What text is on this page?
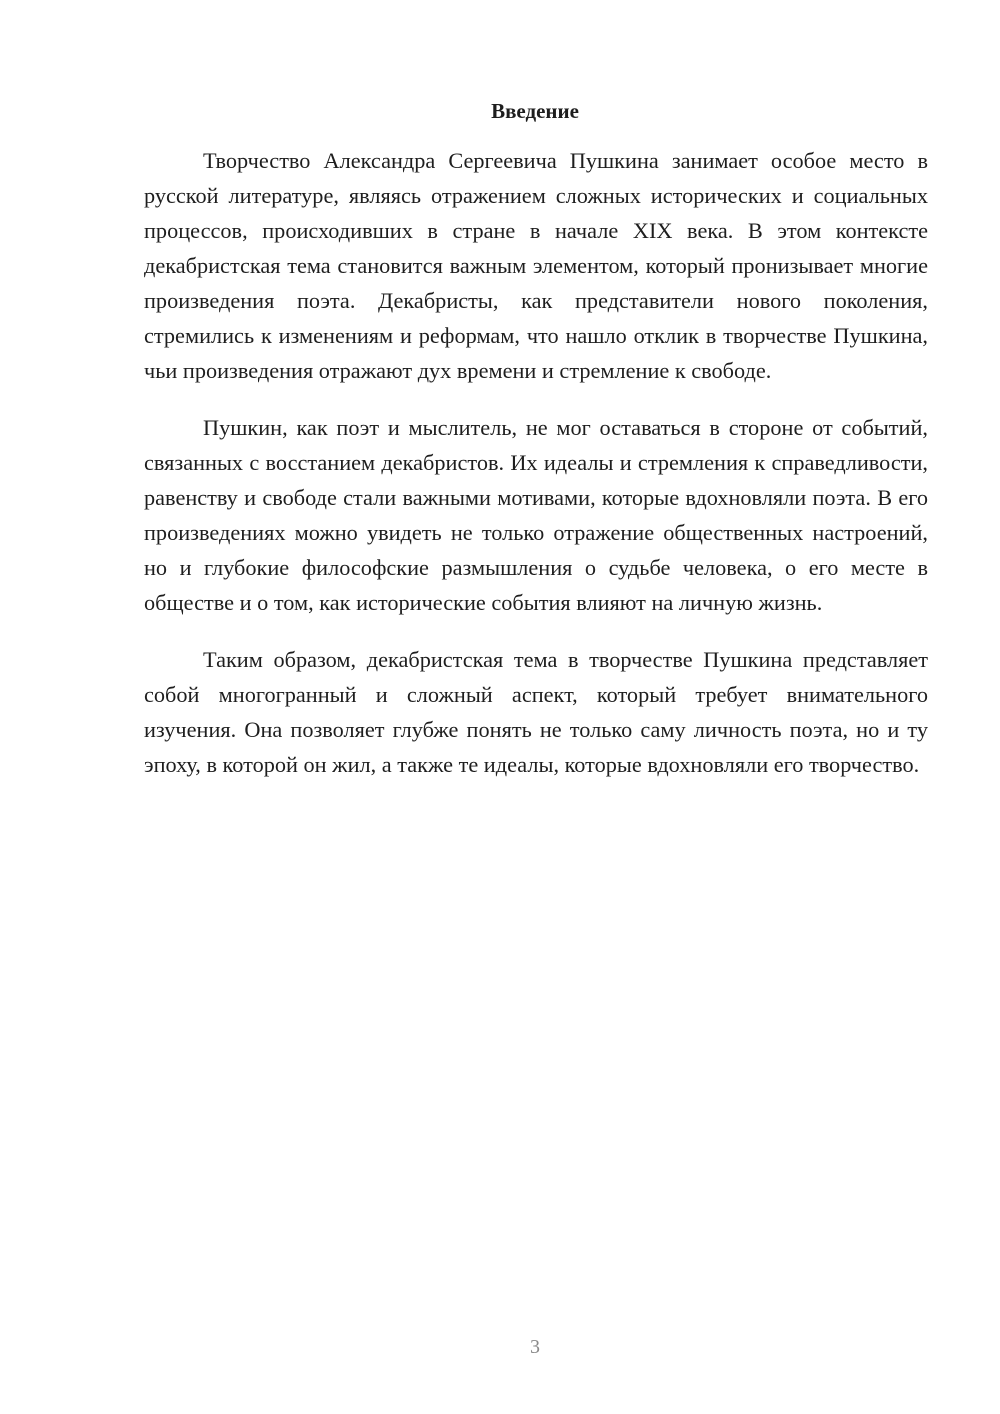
Введение

Творчество Александра Сергеевича Пушкина занимает особое место в русской литературе, являясь отражением сложных исторических и социальных процессов, происходивших в стране в начале XIX века. В этом контексте декабристская тема становится важным элементом, который пронизывает многие произведения поэта. Декабристы, как представители нового поколения, стремились к изменениям и реформам, что нашло отклик в творчестве Пушкина, чьи произведения отражают дух времени и стремление к свободе.

Пушкин, как поэт и мыслитель, не мог оставаться в стороне от событий, связанных с восстанием декабристов. Их идеалы и стремления к справедливости, равенству и свободе стали важными мотивами, которые вдохновляли поэта. В его произведениях можно увидеть не только отражение общественных настроений, но и глубокие философские размышления о судьбе человека, о его месте в обществе и о том, как исторические события влияют на личную жизнь.

Таким образом, декабристская тема в творчестве Пушкина представляет собой многогранный и сложный аспект, который требует внимательного изучения. Она позволяет глубже понять не только саму личность поэта, но и ту эпоху, в которой он жил, а также те идеалы, которые вдохновляли его творчество.

3
